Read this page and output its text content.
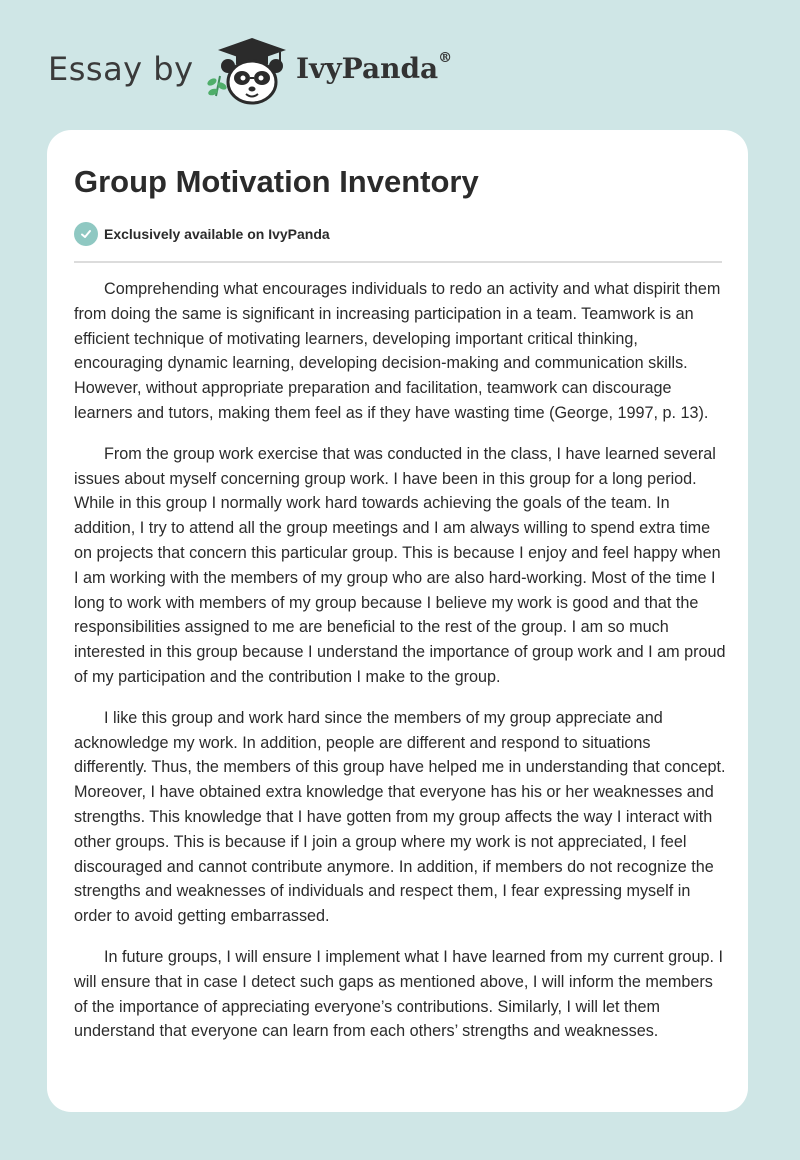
Essay by	IvyPanda®
Group Motivation Inventory
Exclusively available on IvyPanda

Comprehending what encourages individuals to redo an activity and what dispirit them from doing the same is significant in increasing participation in a team. Teamwork is an efficient technique of motivating learners, developing important critical thinking, encouraging dynamic learning, developing decision-making and communication skills. However, without appropriate preparation and facilitation, teamwork can discourage learners and tutors, making them feel as if they have wasting time (George, 1997, p. 13).

From the group work exercise that was conducted in the class, I have learned several issues about myself concerning group work. I have been in this group for a long period. While in this group I normally work hard towards achieving the goals of the team. In addition, I try to attend all the group meetings and I am always willing to spend extra time on projects that concern this particular group. This is because I enjoy and feel happy when I am working with the members of my group who are also hard-working. Most of the time I long to work with members of my group because I believe my work is good and that the responsibilities assigned to me are beneficial to the rest of the group. I am so much interested in this group because I understand the importance of group work and I am proud of my participation and the contribution I make to the group.

I like this group and work hard since the members of my group appreciate and acknowledge my work. In addition, people are different and respond to situations differently. Thus, the members of this group have helped me in understanding that concept. Moreover, I have obtained extra knowledge that everyone has his or her weaknesses and strengths. This knowledge that I have gotten from my group affects the way I interact with other groups. This is because if I join a group where my work is not appreciated, I feel discouraged and cannot contribute anymore. In addition, if members do not recognize the strengths and weaknesses of individuals and respect them, I fear expressing myself in order to avoid getting embarrassed.

In future groups, I will ensure I implement what I have learned from my current group. I will ensure that in case I detect such gaps as mentioned above, I will inform the members of the importance of appreciating everyone’s contributions. Similarly, I will let them understand that everyone can learn from each others’ strengths and weaknesses.
